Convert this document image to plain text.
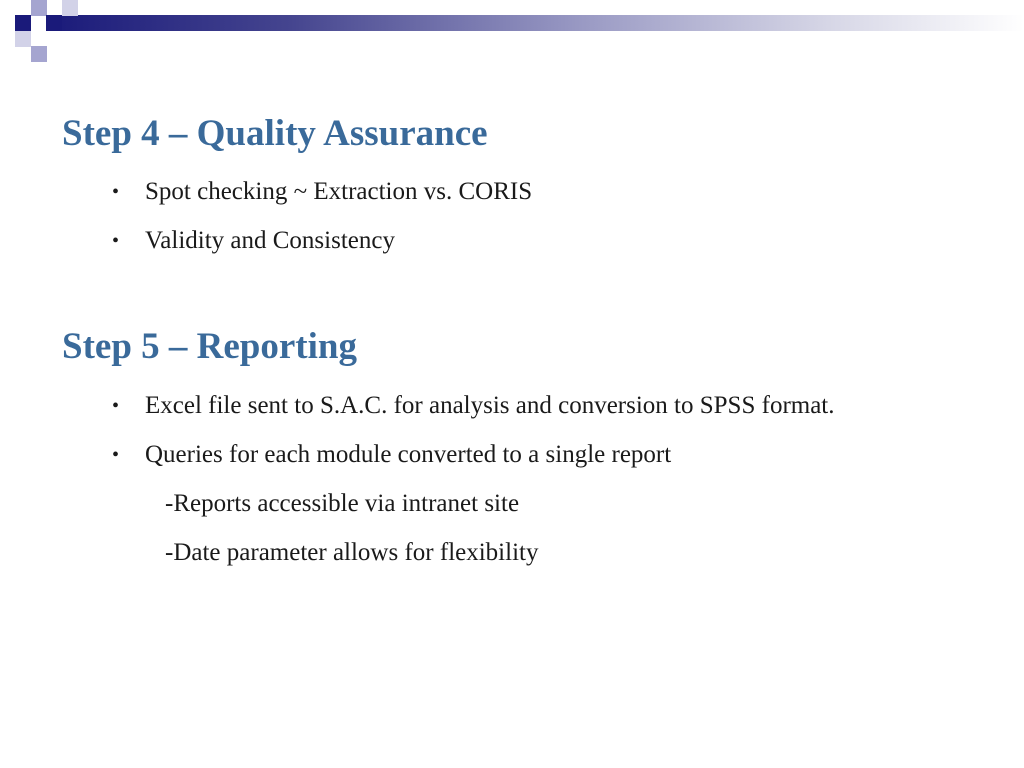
Step 4 – Quality Assurance
• Spot checking ~ Extraction vs. CORIS
• Validity and Consistency
Step 5 – Reporting
• Excel file sent to S.A.C. for analysis and conversion to SPSS format.
• Queries for each module converted to a single report
-Reports accessible via intranet site
-Date parameter allows for flexibility
